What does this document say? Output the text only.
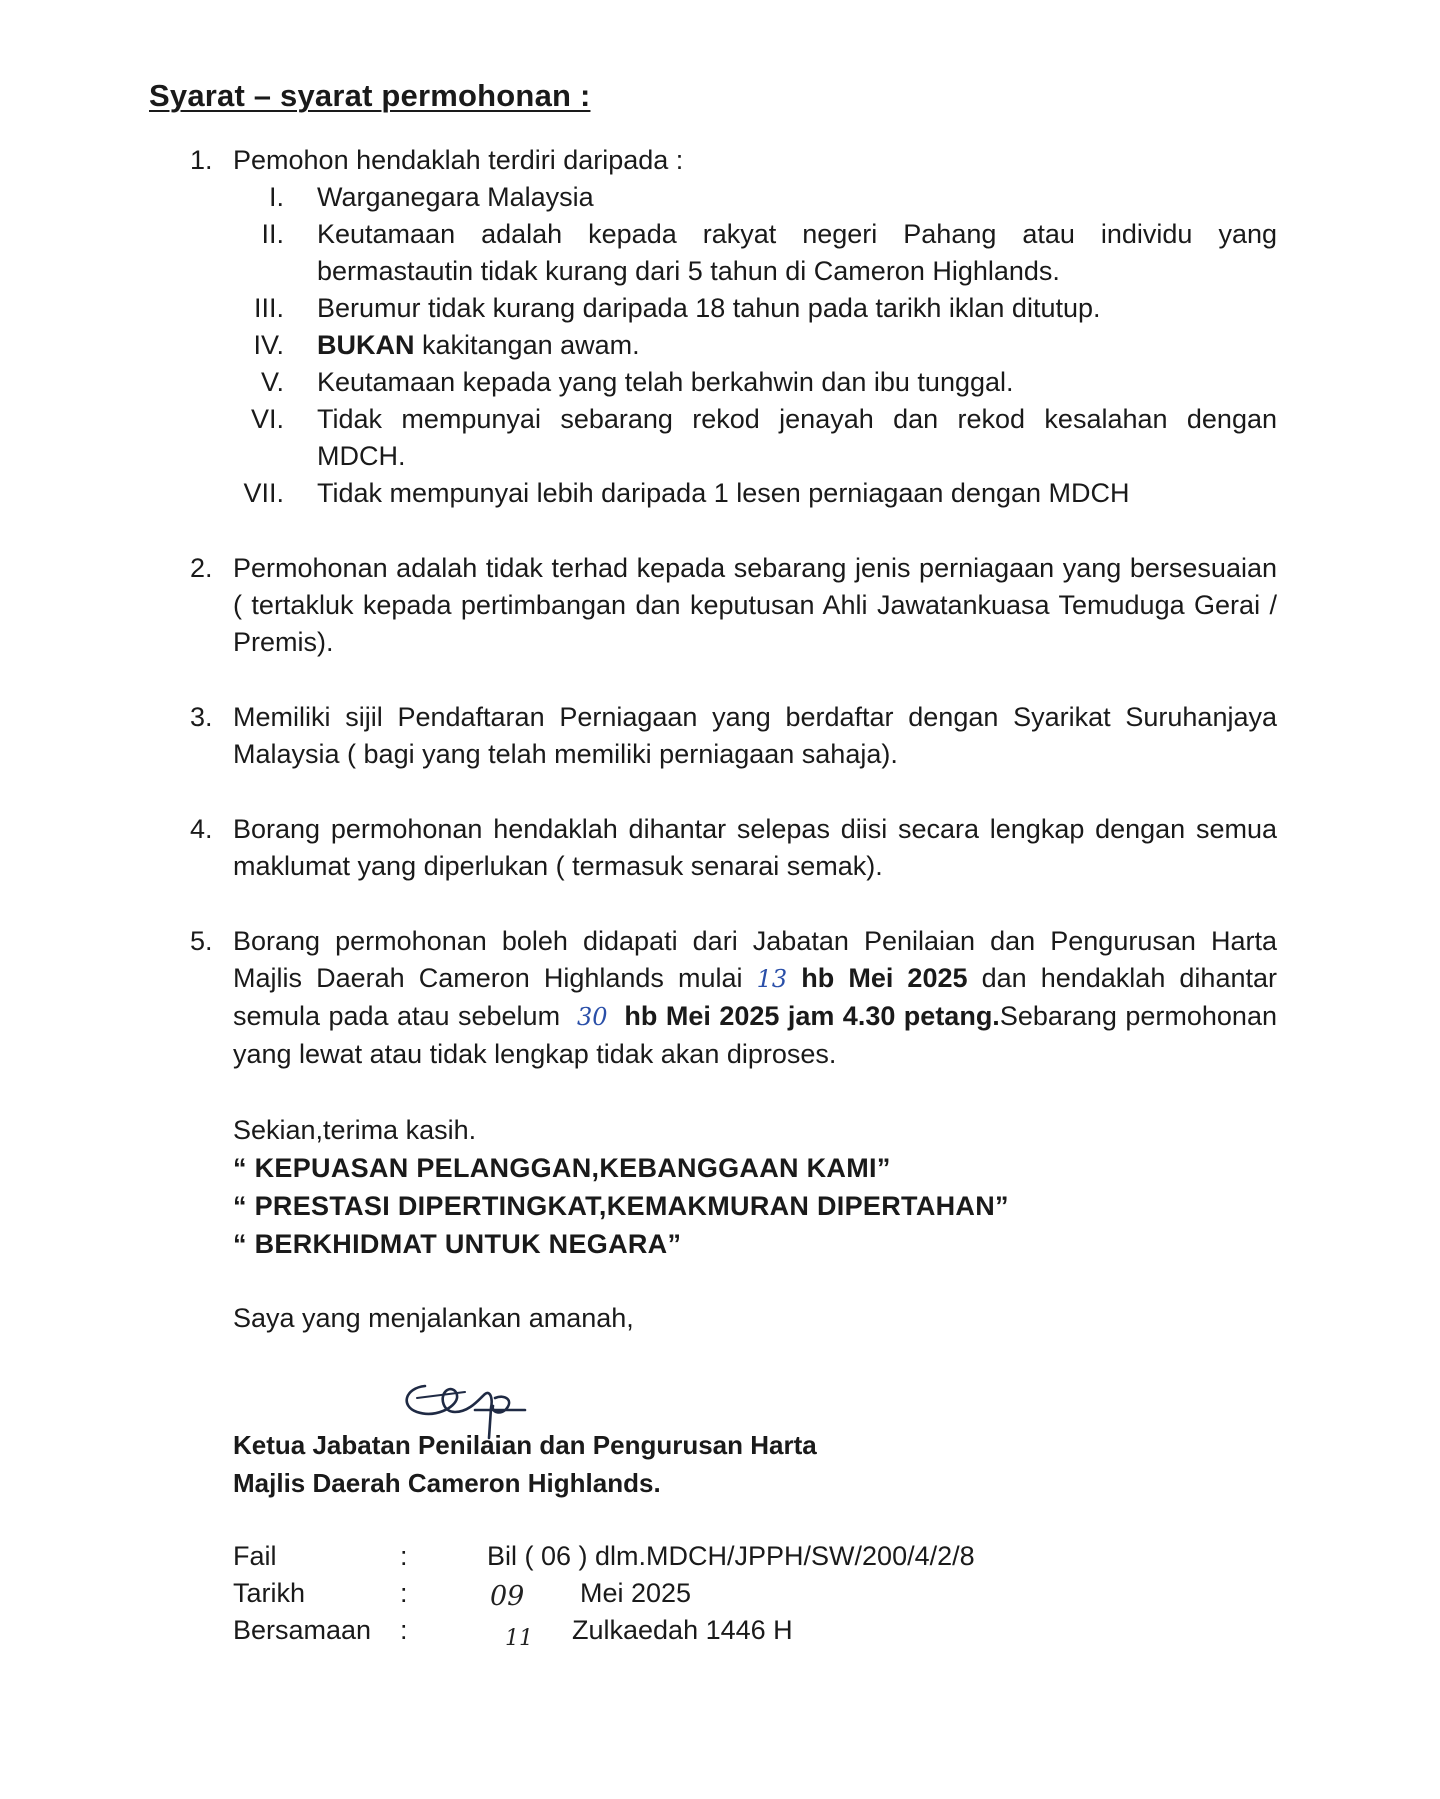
Syarat – syarat permohonan :
1. Pemohon hendaklah terdiri daripada :
I. Warganegara Malaysia
II. Keutamaan adalah kepada rakyat negeri Pahang atau individu yang bermastautin tidak kurang dari 5 tahun di Cameron Highlands.
III. Berumur tidak kurang daripada 18 tahun pada tarikh iklan ditutup.
IV. BUKAN kakitangan awam.
V. Keutamaan kepada yang telah berkahwin dan ibu tunggal.
VI. Tidak mempunyai sebarang rekod jenayah dan rekod kesalahan dengan MDCH.
VII. Tidak mempunyai lebih daripada 1 lesen perniagaan dengan MDCH
2. Permohonan adalah tidak terhad kepada sebarang jenis perniagaan yang bersesuaian ( tertakluk kepada pertimbangan dan keputusan Ahli Jawatankuasa Temuduga Gerai / Premis).
3. Memiliki sijil Pendaftaran Perniagaan yang berdaftar dengan Syarikat Suruhanjaya Malaysia ( bagi yang telah memiliki perniagaan sahaja).
4. Borang permohonan hendaklah dihantar selepas diisi secara lengkap dengan semua maklumat yang diperlukan ( termasuk senarai semak).
5. Borang permohonan boleh didapati dari Jabatan Penilaian dan Pengurusan Harta Majlis Daerah Cameron Highlands mulai 13 hb Mei 2025 dan hendaklah dihantar semula pada atau sebelum 30 hb Mei 2025 jam 4.30 petang.Sebarang permohonan yang lewat atau tidak lengkap tidak akan diproses.
Sekian,terima kasih.
“ KEPUASAN PELANGGAN,KEBANGGAAN KAMI”
“ PRESTASI DIPERTINGKAT,KEMAKMURAN DIPERTAHAN”
“ BERKHIDMAT UNTUK NEGARA”
Saya yang menjalankan amanah,
Ketua Jabatan Penilaian dan Pengurusan Harta
Majlis Daerah Cameron Highlands.
Fail	:	Bil ( 06 ) dlm.MDCH/JPPH/SW/200/4/2/8
Tarikh	:	09 Mei 2025
Bersamaan :	11 Zulkaedah 1446 H
